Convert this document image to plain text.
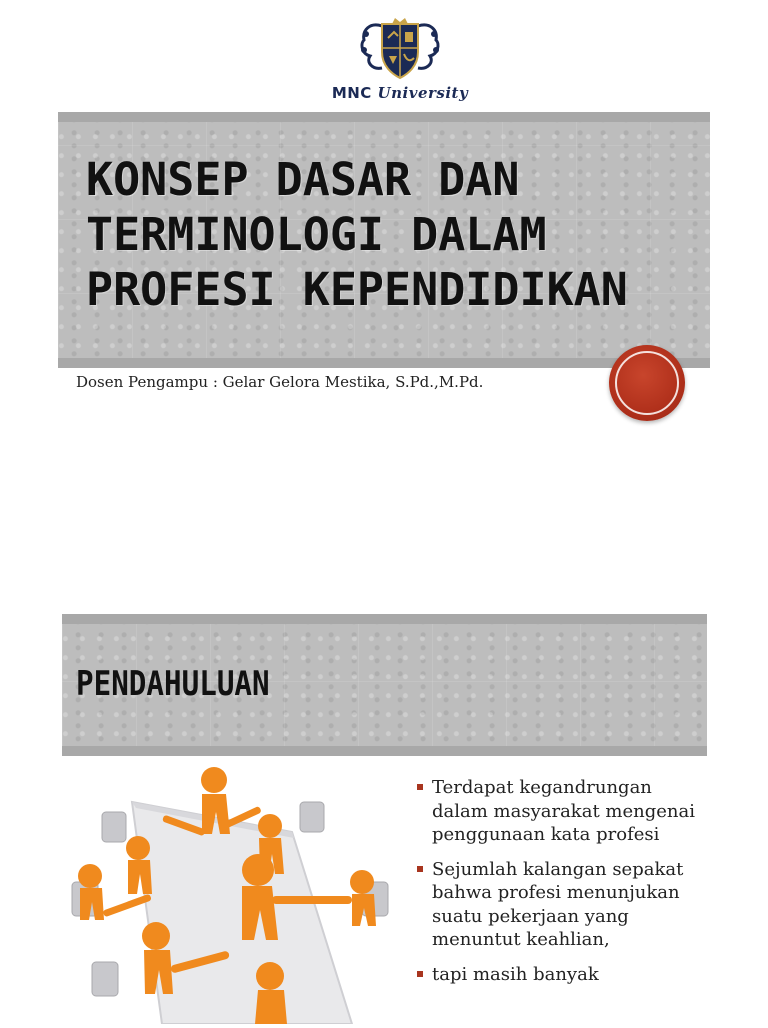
MNC University
KONSEP DASAR DAN
TERMINOLOGI DALAM
PROFESI KEPENDIDIKAN

Dosen Pengampu : Gelar Gelora Mestika, S.Pd.,M.Pd.

PENDAHULUAN
Terdapat kegandrungan dalam masyarakat mengenai penggunaan kata profesi
Sejumlah kalangan sepakat bahwa profesi menunjukan suatu pekerjaan yang menuntut keahlian,
tapi masih banyak
